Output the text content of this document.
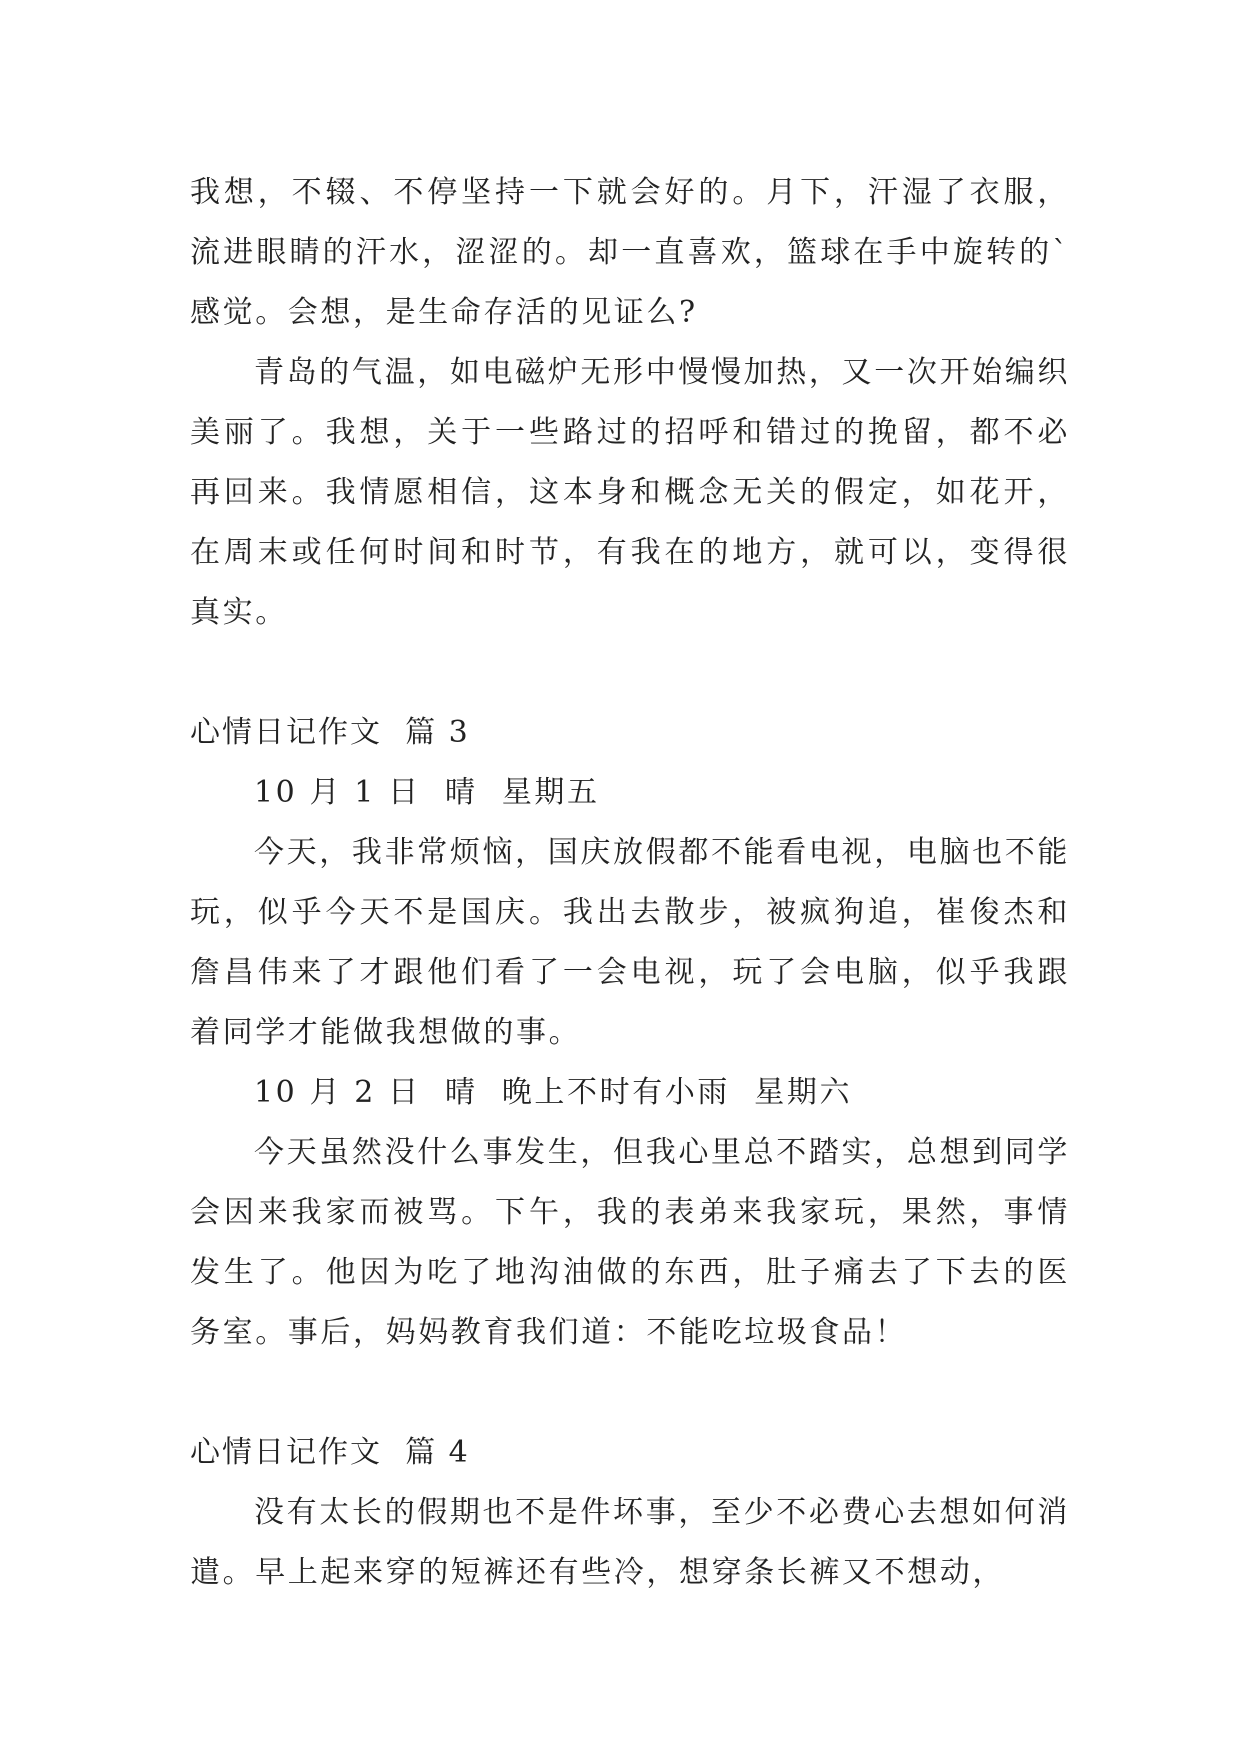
我想，不辍、不停坚持一下就会好的。月下，汗湿了衣服，流进眼睛的汗水，涩涩的。却一直喜欢，篮球在手中旋转的`感觉。会想，是生命存活的见证么?

青岛的气温，如电磁炉无形中慢慢加热，又一次开始编织美丽了。我想，关于一些路过的招呼和错过的挽留，都不必再回来。我情愿相信，这本身和概念无关的假定，如花开，在周末或任何时间和时节，有我在的地方，就可以，变得很真实。

心情日记作文  篇 3

10 月 1 日  晴  星期五

今天，我非常烦恼，国庆放假都不能看电视，电脑也不能玩，似乎今天不是国庆。我出去散步，被疯狗追，崔俊杰和詹昌伟来了才跟他们看了一会电视，玩了会电脑，似乎我跟着同学才能做我想做的事。

10 月 2 日  晴  晚上不时有小雨  星期六

今天虽然没什么事发生，但我心里总不踏实，总想到同学会因来我家而被骂。下午，我的表弟来我家玩，果然，事情发生了。他因为吃了地沟油做的东西，肚子痛去了下去的医务室。事后，妈妈教育我们道：不能吃垃圾食品！

心情日记作文  篇 4

没有太长的假期也不是件坏事，至少不必费心去想如何消遣。早上起来穿的短裤还有些冷，想穿条长裤又不想动，
